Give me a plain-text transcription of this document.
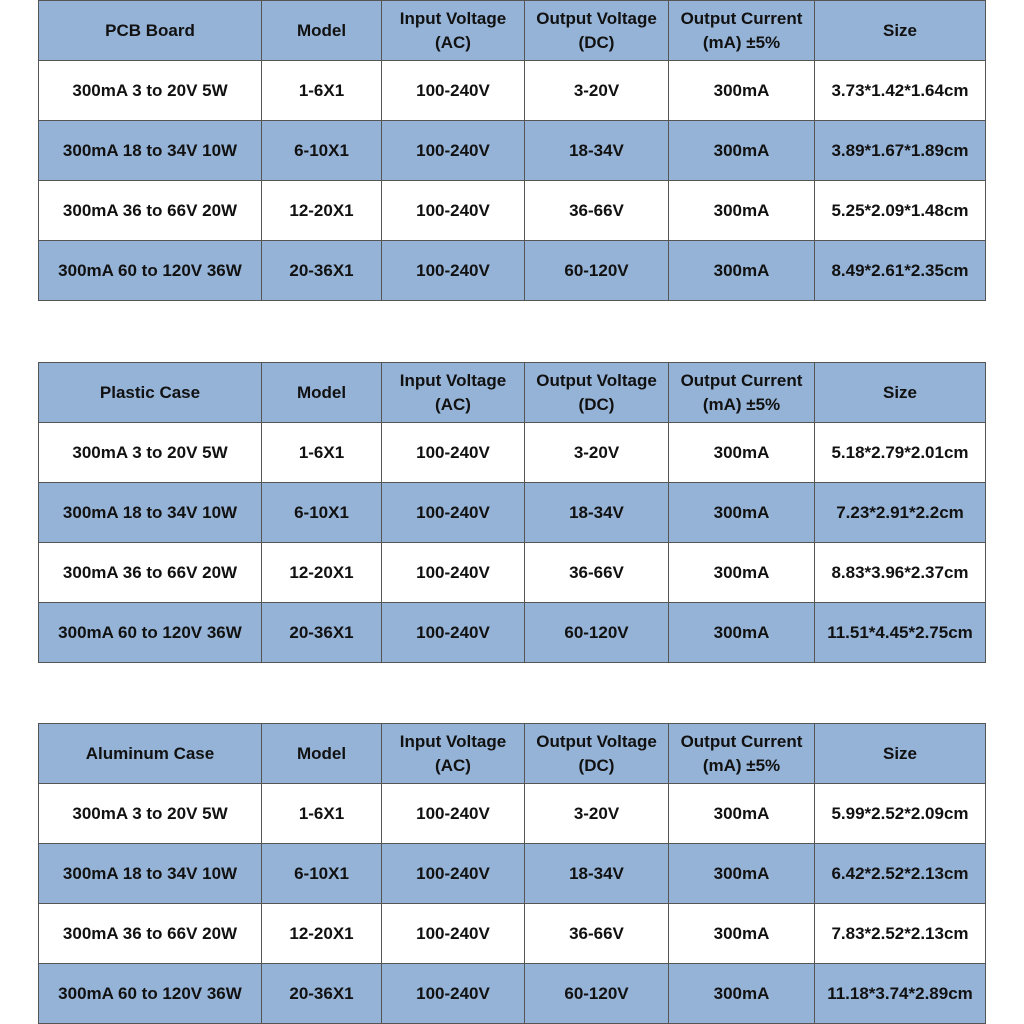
PCB Board	Model	Input Voltage (AC)	Output Voltage (DC)	Output Current (mA) ±5%	Size
300mA 3 to 20V 5W	1-6X1	100-240V	3-20V	300mA	3.73*1.42*1.64cm
300mA 18 to 34V 10W	6-10X1	100-240V	18-34V	300mA	3.89*1.67*1.89cm
300mA 36 to 66V 20W	12-20X1	100-240V	36-66V	300mA	5.25*2.09*1.48cm
300mA 60 to 120V 36W	20-36X1	100-240V	60-120V	300mA	8.49*2.61*2.35cm
Plastic Case	Model	Input Voltage (AC)	Output Voltage (DC)	Output Current (mA) ±5%	Size
300mA 3 to 20V 5W	1-6X1	100-240V	3-20V	300mA	5.18*2.79*2.01cm
300mA 18 to 34V 10W	6-10X1	100-240V	18-34V	300mA	7.23*2.91*2.2cm
300mA 36 to 66V 20W	12-20X1	100-240V	36-66V	300mA	8.83*3.96*2.37cm
300mA 60 to 120V 36W	20-36X1	100-240V	60-120V	300mA	11.51*4.45*2.75cm
Aluminum Case	Model	Input Voltage (AC)	Output Voltage (DC)	Output Current (mA) ±5%	Size
300mA 3 to 20V 5W	1-6X1	100-240V	3-20V	300mA	5.99*2.52*2.09cm
300mA 18 to 34V 10W	6-10X1	100-240V	18-34V	300mA	6.42*2.52*2.13cm
300mA 36 to 66V 20W	12-20X1	100-240V	36-66V	300mA	7.83*2.52*2.13cm
300mA 60 to 120V 36W	20-36X1	100-240V	60-120V	300mA	11.18*3.74*2.89cm
